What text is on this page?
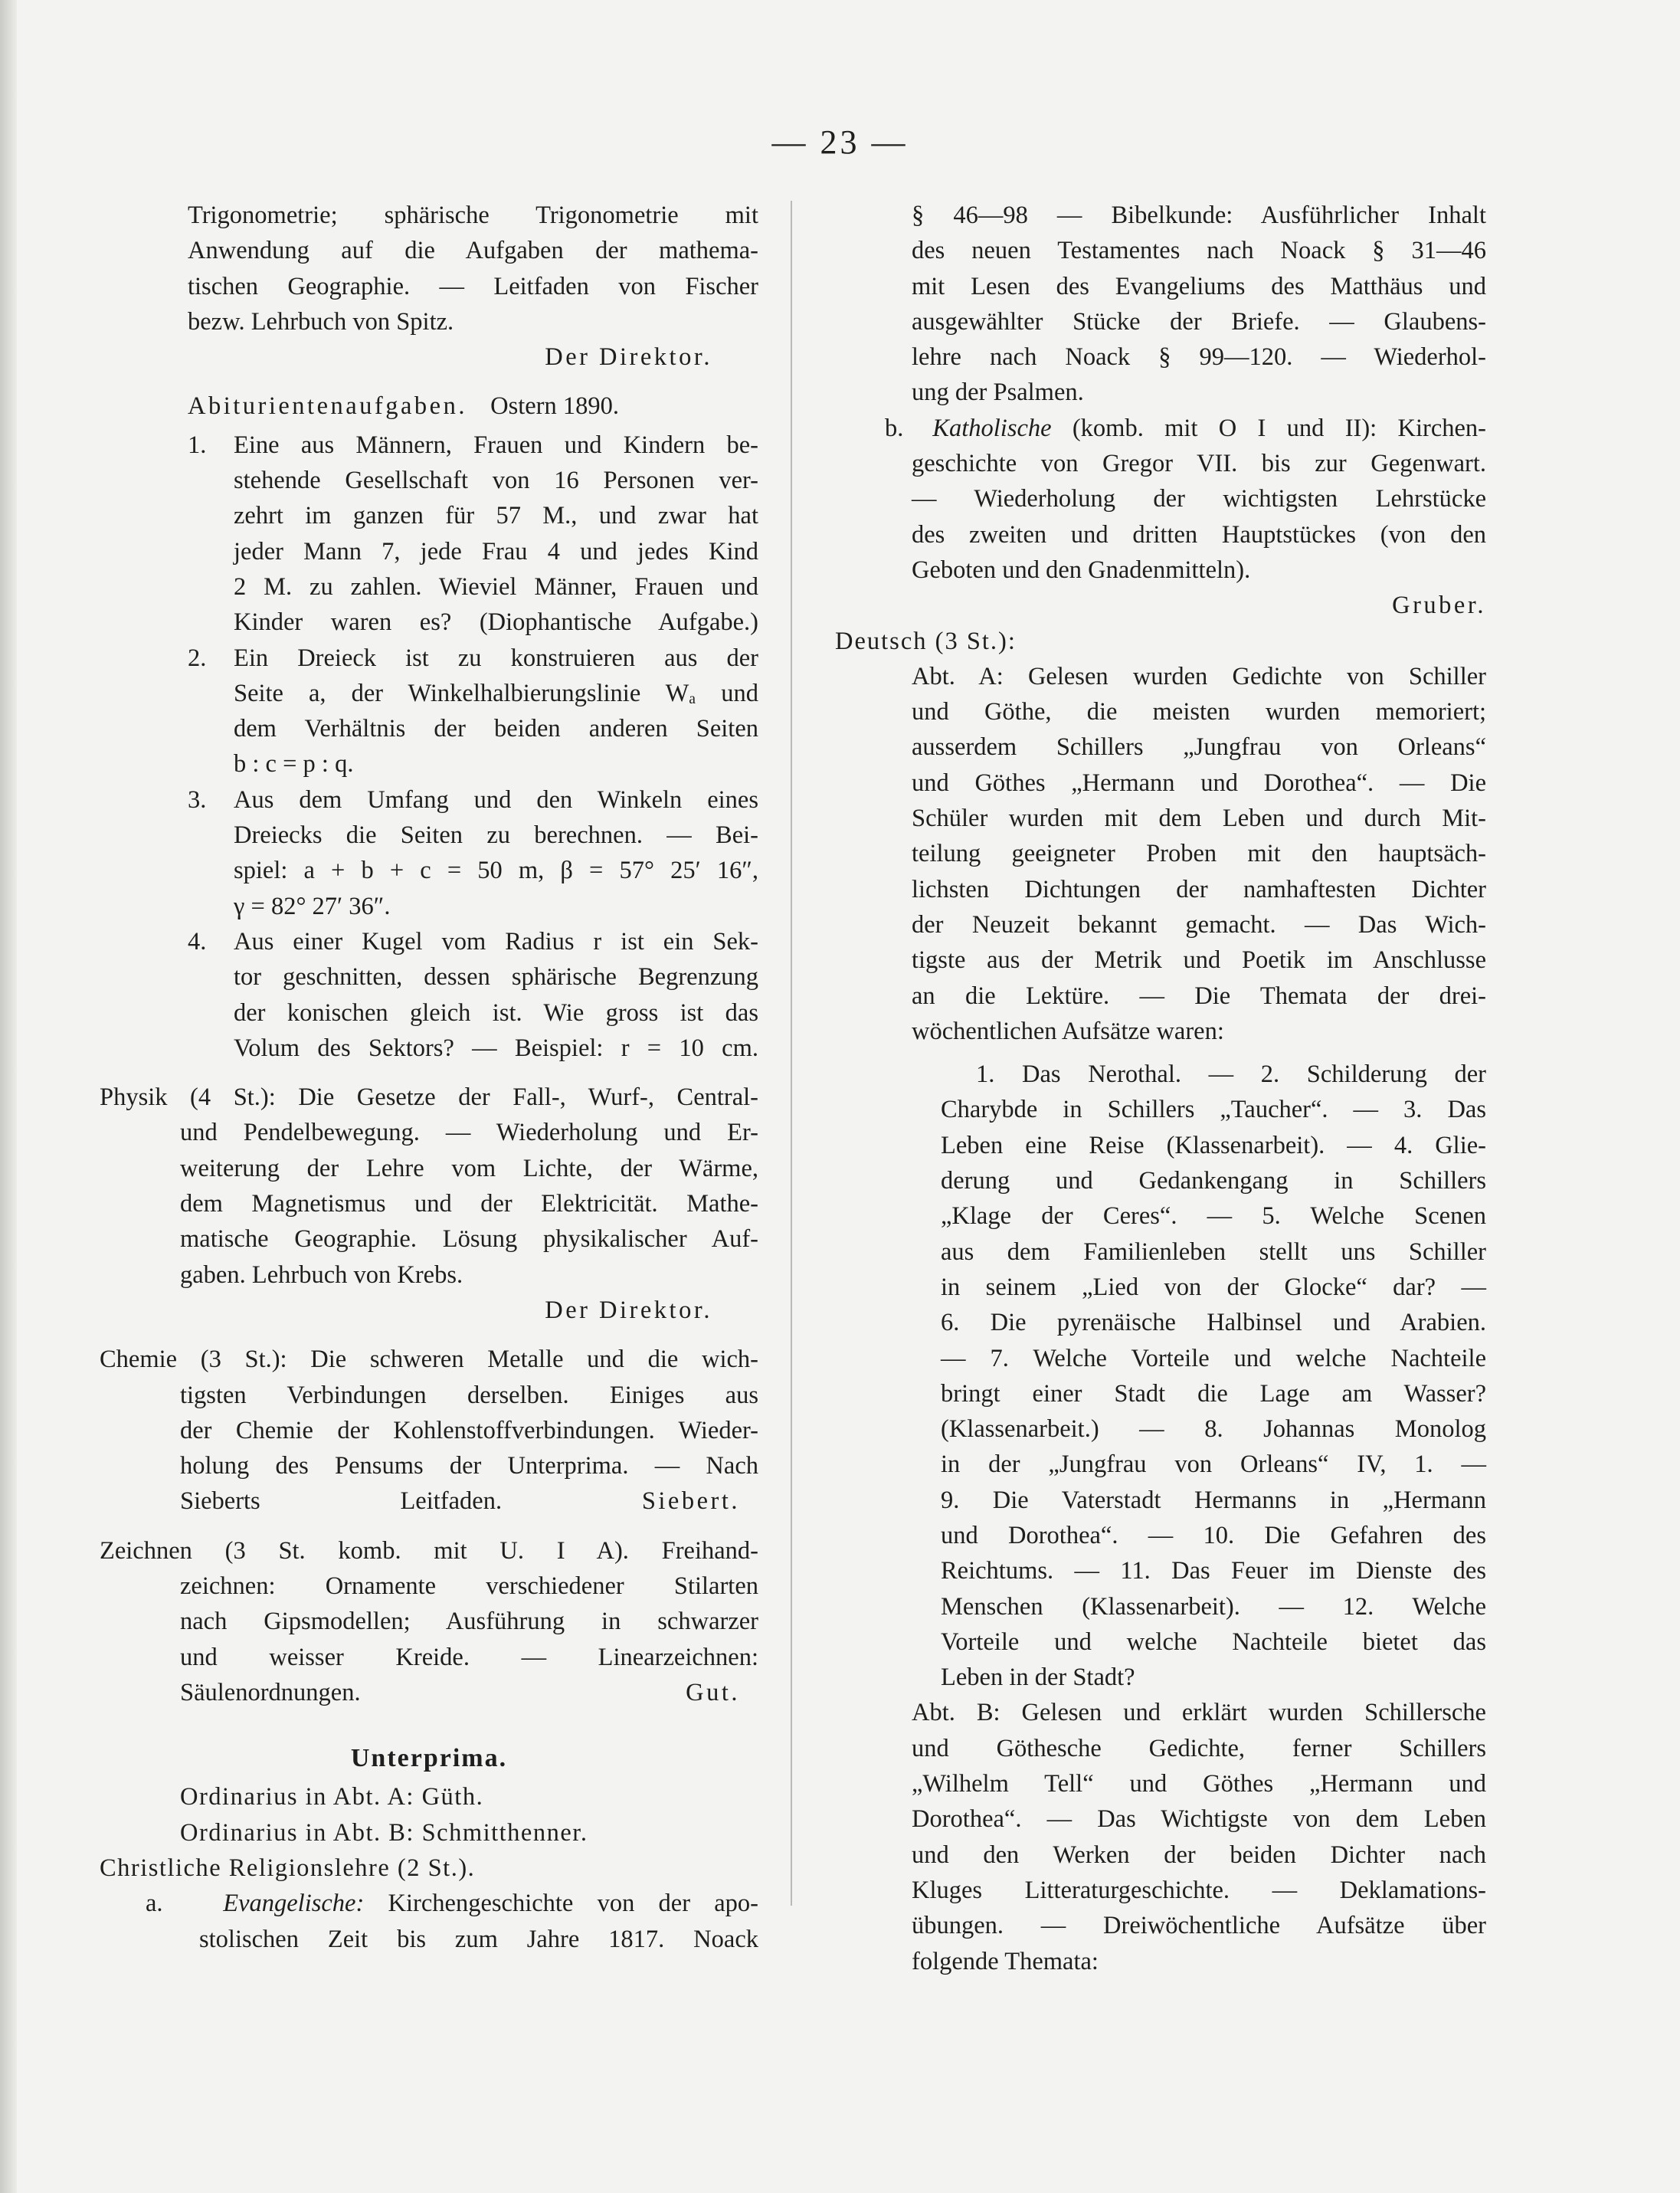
— 23 —

Trigonometrie; sphärische Trigonometrie mit

Anwendung auf die Aufgaben der mathema-

tischen Geographie. — Leitfaden von Fischer

bezw. Lehrbuch von Spitz.

Der Direktor.

Abiturientenaufgaben. Ostern 1890.

1.	Eine aus Männern, Frauen und Kindern be-

stehende Gesellschaft von 16 Personen ver-

zehrt im ganzen für 57 M., und zwar hat

jeder Mann 7, jede Frau 4 und jedes Kind

2 M. zu zahlen. Wieviel Männer, Frauen und

Kinder waren es? (Diophantische Aufgabe.)

2.	Ein Dreieck ist zu konstruieren aus der

Seite a, der Winkelhalbierungslinie Wₐ und

dem Verhältnis der beiden anderen Seiten

b : c = p : q.

3.	Aus dem Umfang und den Winkeln eines

Dreiecks die Seiten zu berechnen. — Bei-

spiel: a + b + c = 50 m, β = 57° 25′ 16″,

γ = 82° 27′ 36″.

4.	Aus einer Kugel vom Radius r ist ein Sek-

tor geschnitten, dessen sphärische Begrenzung

der konischen gleich ist. Wie gross ist das

Volum des Sektors? — Beispiel: r = 10 cm.

Physik (4 St.): Die Gesetze der Fall-, Wurf-, Central-

und Pendelbewegung. — Wiederholung und Er-

weiterung der Lehre vom Lichte, der Wärme,

dem Magnetismus und der Elektricität. Mathe-

matische Geographie. Lösung physikalischer Auf-

gaben. Lehrbuch von Krebs.

Der Direktor.

Chemie (3 St.): Die schweren Metalle und die wich-

tigsten Verbindungen derselben. Einiges aus

der Chemie der Kohlenstoffverbindungen. Wieder-

holung des Pensums der Unterprima. — Nach

Sieberts Leitfaden.	Siebert.

Zeichnen (3 St. komb. mit U. I A). Freihand-

zeichnen: Ornamente verschiedener Stilarten

nach Gipsmodellen; Ausführung in schwarzer

und weisser Kreide. — Linearzeichnen:

Säulenordnungen.	Gut.

Unterprima.

Ordinarius in Abt. A: Güth.

Ordinarius in Abt. B: Schmitthenner.

Christliche Religionslehre (2 St.).

a. Evangelische: Kirchengeschichte von der apo-

stolischen Zeit bis zum Jahre 1817. Noack

§ 46—98 — Bibelkunde: Ausführlicher Inhalt

des neuen Testamentes nach Noack § 31—46

mit Lesen des Evangeliums des Matthäus und

ausgewählter Stücke der Briefe. — Glaubens-

lehre nach Noack § 99—120. — Wiederhol-

ung der Psalmen.

b. Katholische (komb. mit O I und II): Kirchen-

geschichte von Gregor VII. bis zur Gegenwart.

— Wiederholung der wichtigsten Lehrstücke

des zweiten und dritten Hauptstückes (von den

Geboten und den Gnadenmitteln).

Gruber.

Deutsch (3 St.):

Abt. A: Gelesen wurden Gedichte von Schiller

und Göthe, die meisten wurden memoriert;

ausserdem Schillers „Jungfrau von Orleans“

und Göthes „Hermann und Dorothea“. — Die

Schüler wurden mit dem Leben und durch Mit-

teilung geeigneter Proben mit den hauptsäch-

lichsten Dichtungen der namhaftesten Dichter

der Neuzeit bekannt gemacht. — Das Wich-

tigste aus der Metrik und Poetik im Anschlusse

an die Lektüre. — Die Themata der drei-

wöchentlichen Aufsätze waren:

1. Das Nerothal. — 2. Schilderung der

Charybde in Schillers „Taucher“. — 3. Das

Leben eine Reise (Klassenarbeit). — 4. Glie-

derung und Gedankengang in Schillers

„Klage der Ceres“. — 5. Welche Scenen

aus dem Familienleben stellt uns Schiller

in seinem „Lied von der Glocke“ dar? —

6. Die pyrenäische Halbinsel und Arabien.

— 7. Welche Vorteile und welche Nachteile

bringt einer Stadt die Lage am Wasser?

(Klassenarbeit.) — 8. Johannas Monolog

in der „Jungfrau von Orleans“ IV, 1. —

9. Die Vaterstadt Hermanns in „Hermann

und Dorothea“. — 10. Die Gefahren des

Reichtums. — 11. Das Feuer im Dienste des

Menschen (Klassenarbeit). — 12. Welche

Vorteile und welche Nachteile bietet das

Leben in der Stadt?

Abt. B: Gelesen und erklärt wurden Schillersche

und Göthesche Gedichte, ferner Schillers

„Wilhelm Tell“ und Göthes „Hermann und

Dorothea“. — Das Wichtigste von dem Leben

und den Werken der beiden Dichter nach

Kluges Litteraturgeschichte. — Deklamations-

übungen. — Dreiwöchentliche Aufsätze über

folgende Themata:
